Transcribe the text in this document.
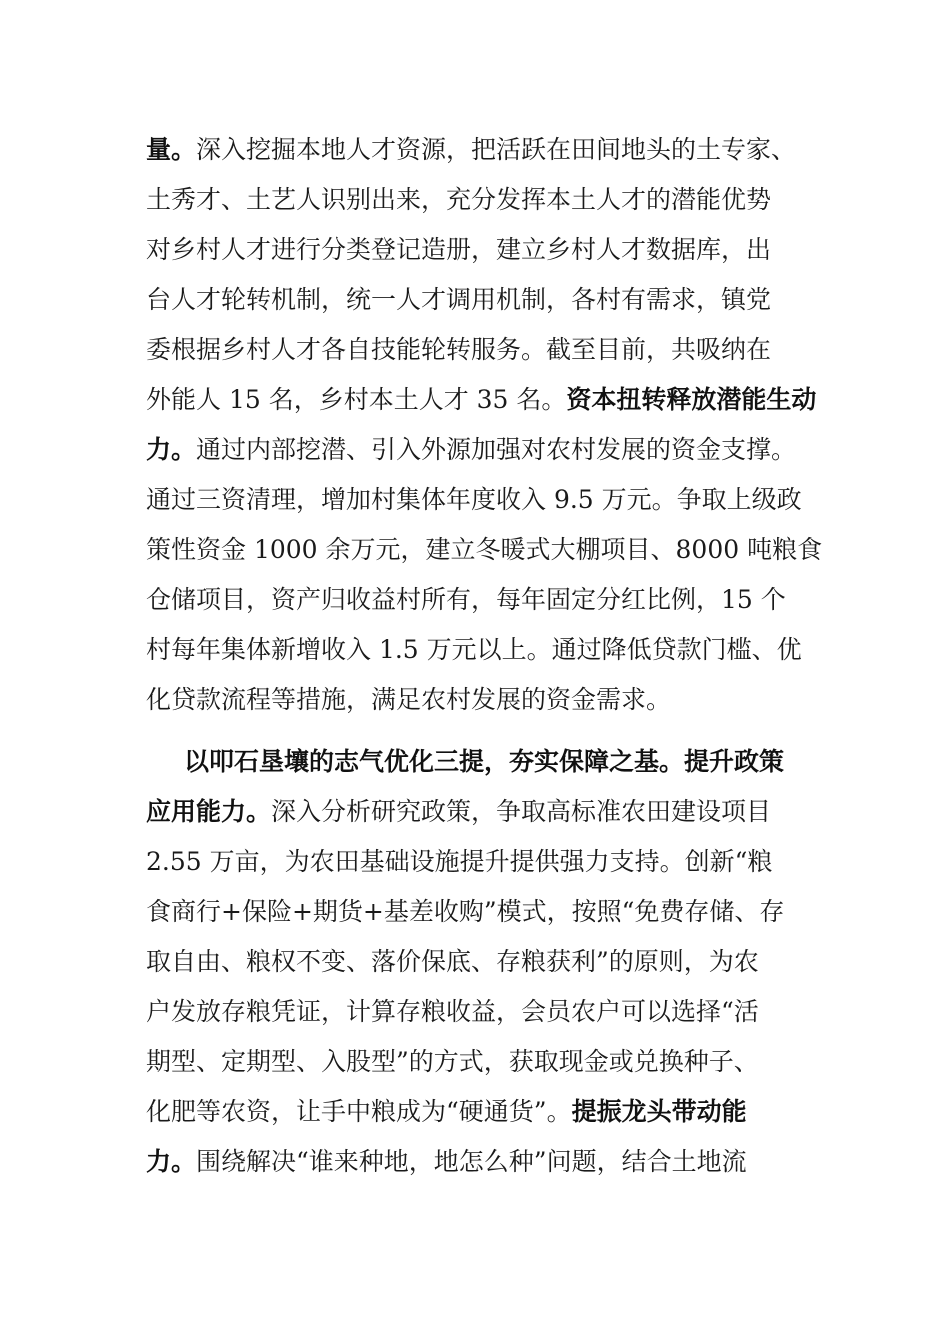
量。深入挖掘本地人才资源，把活跃在田间地头的土专家、
土秀才、土艺人识别出来，充分发挥本土人才的潜能优势
对乡村人才进行分类登记造册，建立乡村人才数据库，出
台人才轮转机制，统一人才调用机制，各村有需求，镇党
委根据乡村人才各自技能轮转服务。截至目前，共吸纳在
外能人 15 名，乡村本土人才 35 名。资本扭转释放潜能生动
力。通过内部挖潜、引入外源加强对农村发展的资金支撑。
通过三资清理，增加村集体年度收入 9.5 万元。争取上级政
策性资金 1000 余万元，建立冬暖式大棚项目、8000 吨粮食
仓储项目，资产归收益村所有，每年固定分红比例，15 个
村每年集体新增收入 1.5 万元以上。通过降低贷款门槛、优
化贷款流程等措施，满足农村发展的资金需求。
以叩石垦壤的志气优化三提，夯实保障之基。提升政策
应用能力。深入分析研究政策，争取高标准农田建设项目
2.55 万亩，为农田基础设施提升提供强力支持。创新“粮
食商行+保险+期货+基差收购”模式，按照“免费存储、存
取自由、粮权不变、落价保底、存粮获利”的原则，为农
户发放存粮凭证，计算存粮收益，会员农户可以选择“活
期型、定期型、入股型”的方式，获取现金或兑换种子、
化肥等农资，让手中粮成为“硬通货”。提振龙头带动能
力。围绕解决“谁来种地，地怎么种”问题，结合土地流
